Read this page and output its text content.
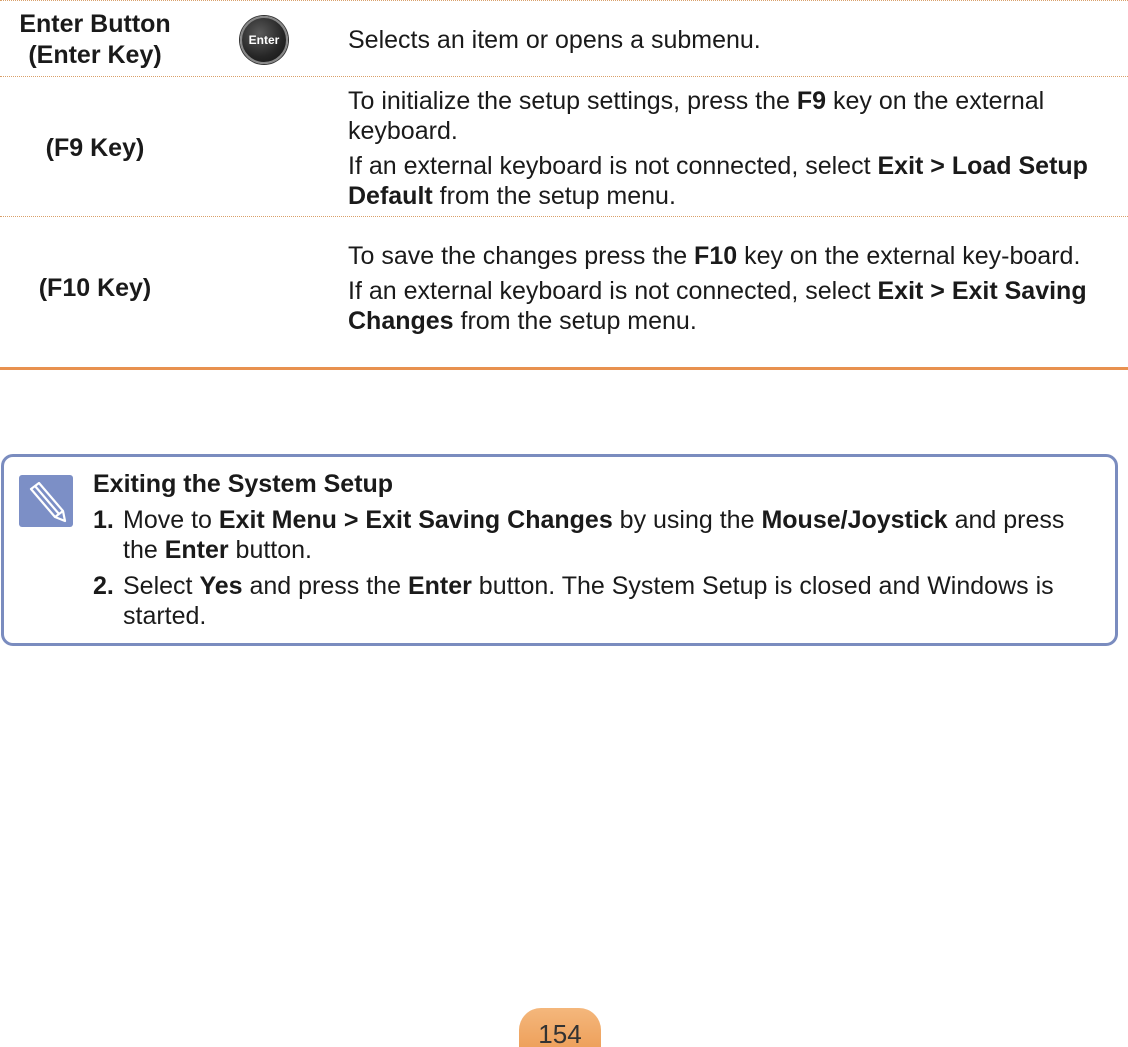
Enter Button
(Enter Key)
Enter	Selects an item or opens a submenu.

(F9 Key)

To initialize the setup settings, press the F9 key on the external keyboard.

If an external keyboard is not connected, select Exit > Load Setup Default from the setup menu.

(F10 Key)

To save the changes press the F10 key on the external key-board.

If an external keyboard is not connected, select Exit > Exit Saving Changes from the setup menu.

Exiting the System Setup
1. Move to Exit Menu > Exit Saving Changes by using the Mouse/Joystick and press the Enter button.
2. Select Yes and press the Enter button. The System Setup is closed and Windows is started.
154
